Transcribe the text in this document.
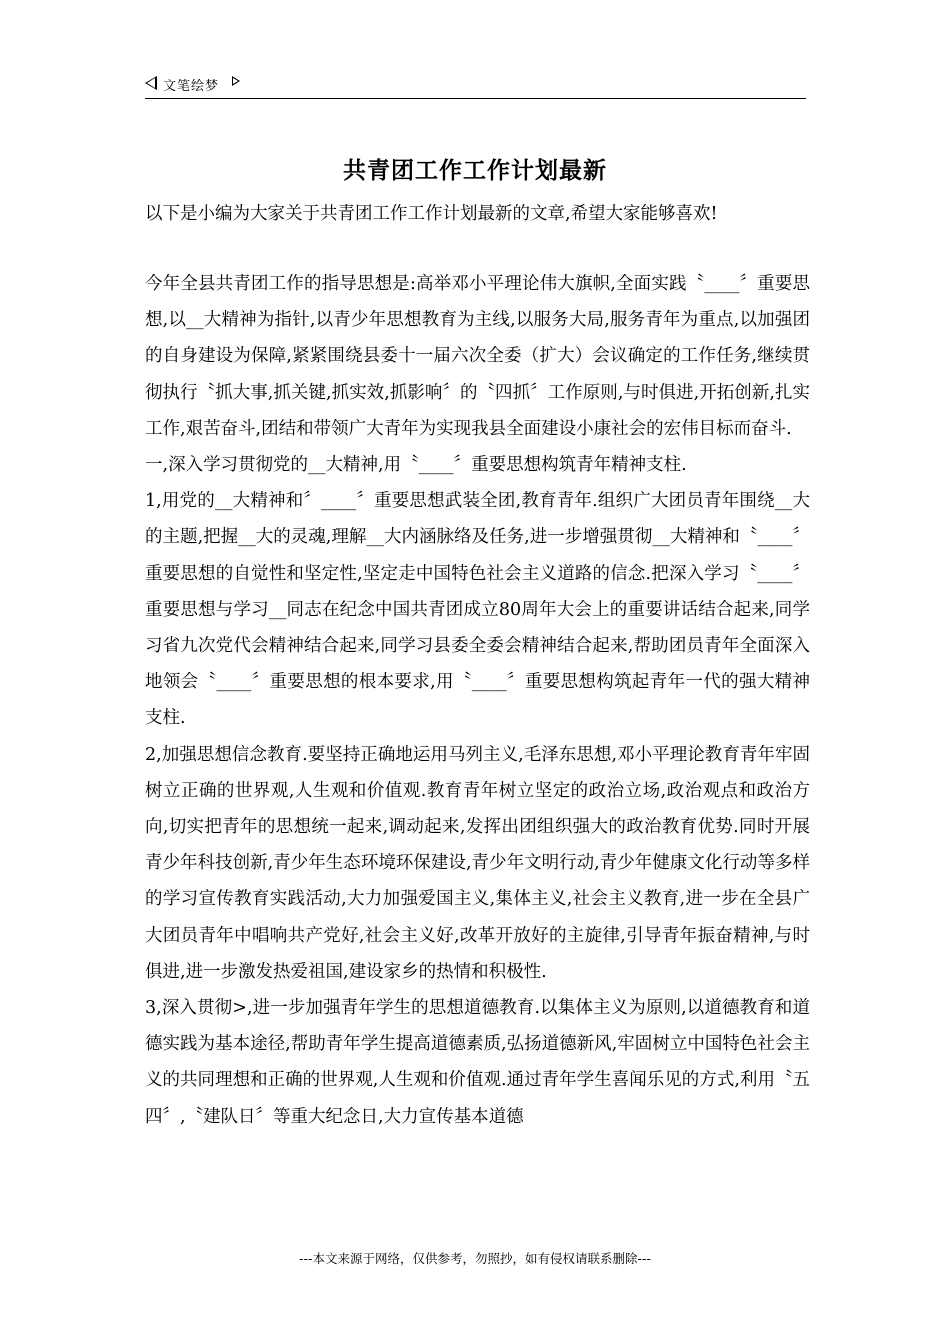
文笔绘梦
共青团工作工作计划最新
以下是小编为大家关于共青团工作工作计划最新的文章,希望大家能够喜欢!

今年全县共青团工作的指导思想是:高举邓小平理论伟大旗帜,全面实践〝____〞重要思想,以__大精神为指针,以青少年思想教育为主线,以服务大局,服务青年为重点,以加强团的自身建设为保障,紧紧围绕县委十一届六次全委（扩大）会议确定的工作任务,继续贯彻执行〝抓大事,抓关键,抓实效,抓影响〞的〝四抓〞工作原则,与时俱进,开拓创新,扎实工作,艰苦奋斗,团结和带领广大青年为实现我县全面建设小康社会的宏伟目标而奋斗.

一,深入学习贯彻党的__大精神,用〝____〞重要思想构筑青年精神支柱.

1,用党的__大精神和〞____〞重要思想武装全团,教育青年.组织广大团员青年围绕__大的主题,把握__大的灵魂,理解__大内涵脉络及任务,进一步增强贯彻__大精神和〝____〞重要思想的自觉性和坚定性,坚定走中国特色社会主义道路的信念.把深入学习〝____〞重要思想与学习__同志在纪念中国共青团成立80周年大会上的重要讲话结合起来,同学习省九次党代会精神结合起来,同学习县委全委会精神结合起来,帮助团员青年全面深入地领会〝____〞重要思想的根本要求,用〝____〞重要思想构筑起青年一代的强大精神支柱.

2,加强思想信念教育.要坚持正确地运用马列主义,毛泽东思想,邓小平理论教育青年牢固树立正确的世界观,人生观和价值观.教育青年树立坚定的政治立场,政治观点和政治方向,切实把青年的思想统一起来,调动起来,发挥出团组织强大的政治教育优势.同时开展青少年科技创新,青少年生态环境环保建设,青少年文明行动,青少年健康文化行动等多样的学习宣传教育实践活动,大力加强爱国主义,集体主义,社会主义教育,进一步在全县广大团员青年中唱响共产党好,社会主义好,改革开放好的主旋律,引导青年振奋精神,与时俱进,进一步激发热爱祖国,建设家乡的热情和积极性.

3,深入贯彻>,进一步加强青年学生的思想道德教育.以集体主义为原则,以道德教育和道德实践为基本途径,帮助青年学生提高道德素质,弘扬道德新风,牢固树立中国特色社会主义的共同理想和正确的世界观,人生观和价值观.通过青年学生喜闻乐见的方式,利用〝五四〞,〝建队日〞等重大纪念日,大力宣传基本道德

---本文来源于网络，仅供参考，勿照抄，如有侵权请联系删除---
